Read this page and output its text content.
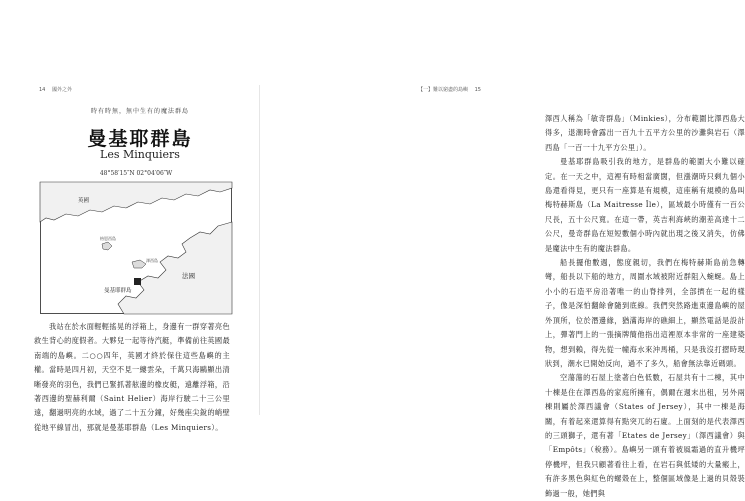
14 國外之外
時有時無，無中生有的魔法群島
曼基耶群島
Les Minquiers
48°58′15″N 02°04′06″W
英國
格恩西島
澤西島
曼基耶群島
法國

我站在於水面輕輕搖晃的浮箱上，身邊有一群穿著亮色救生背心的度假者。大夥兒一起等待汽艇，準備前往英國最南端的島嶼。二○○四年，英國才終於保住這些島嶼的主權。當時是四月初，天空不見一縷雲朵，千萬只海鷗顯出清晰發亮的羽色，我們已緊抓著舷邊的橡皮艇，遠離浮箱，沿著西邊的聖赫利爾（Saint Helier）海岸行駛二十三公里遠，翻過明亮的水域，過了二十五分鐘，好幾座尖銳的峭壁從地平線冒出，那就是曼基耶群島（Les Minquiers）。

【一】難以窮盡的島嶼 15

澤西人稱為「敏奇群島」（Minkies），分布範圍比澤西島大得多，退潮時會露出一百九十五平方公里的沙灘與岩石（澤西島「一百一十九平方公里」）。

曼基耶群島吸引我的地方，是群島的範圍大小難以確定。在一天之中，這裡有時相當廣闊，但漲潮時只剩九個小島還看得見，更只有一座算是有規模，這座稱有規模的島叫梅特赫斯島（La Maitresse Île），區域最小時僅有一百公尺長，五十公尺寬。在這一帶，英吉利海峽的潮差高達十二公尺，曼奇群島在短短數個小時內就出現之後又消失，仿佛是魔法中生有的魔法群島。

船長擺他數週，態度親切，我們在梅特赫斯島前急轉彎，船長以下船的地方，周圍水域被附近群阻入蜿蜒。島上小小的石造平房沿著唯一的山脊排列，全部擠在一起的樣子，像是深怕翻餘會隨到底線。我們突然路進東邊島嶼的屋外頂所，位於潛邊緣，猶滿海岸的礁細上，顯然電話是設計上，彈著門上的一張摘牌簡他指出這裡原本非常的一座建築物，想到賴，得先從一幢海水來沖馬桶，只是我沒打摺時現狀到，潮水已開始反向，過不了多久，船會無法靠近碼頭。

空蕩蕩的石屋上塗著白色低數，石屋共有十二棟，其中十棟是住在澤西島的家庭所擁有，偶爾在週末出租，另外兩棟則屬於澤西議會（States of Jersey），其中一棟是海關，有着起來還算得有點突兀的石廈。上面刻的是代表澤西的三頭獅子，還有著「Etates de Jersey」（澤西議會）與「Empôts」（稅務）。島嶼另一頭有着被風霜過的直升機坪停機坪，但我只顧著看往上看，在岩石與低矮的大量瘢上，有許多黑色與紅色的螺殼在上，整個區域像是上過的貝殼裝飾過一般，她們與
